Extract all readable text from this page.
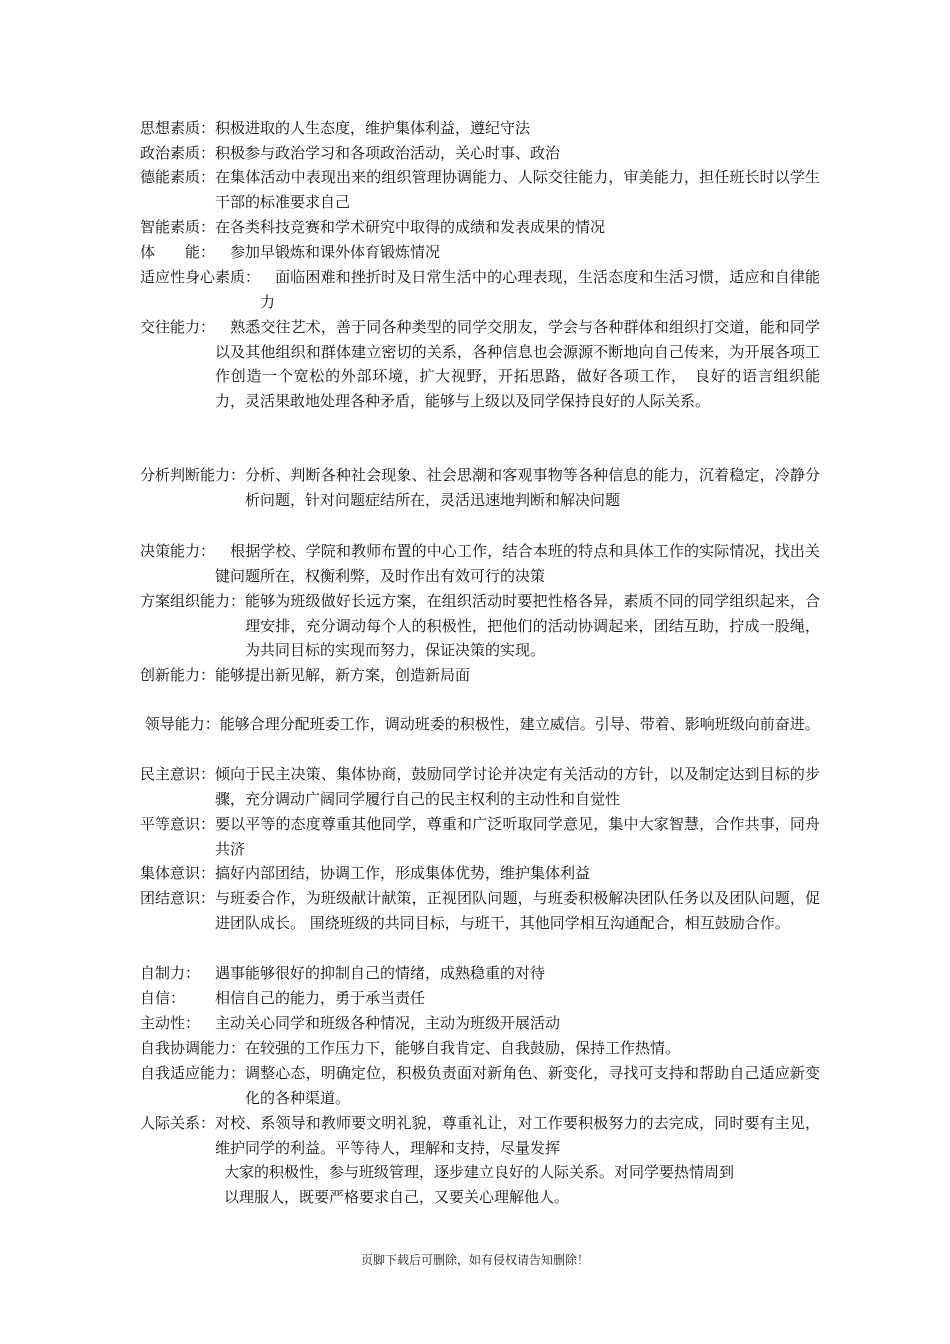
思想素质： 积极进取的人生态度，维护集体利益，遵纪守法
政治素质： 积极参与政治学习和各项政治活动，关心时事、政治
德能素质： 在集体活动中表现出来的组织管理协调能力、人际交往能力，审美能力，担任班长时以学生干部的标准要求自己
智能素质： 在各类科技竞赛和学术研究中取得的成绩和发表成果的情况
体　　能： 　参加早锻炼和课外体育锻炼情况
适应性身心素质： 　面临困难和挫折时及日常生活中的心理表现，生活态度和生活习惯，适应和自律能力
交往能力： 　熟悉交往艺术，善于同各种类型的同学交朋友，学会与各种群体和组织打交道，能和同学以及其他组织和群体建立密切的关系，各种信息也会源源不断地向自己传来，为开展各项工作创造一个宽松的外部环境，扩大视野，开拓思路，做好各项工作，　良好的语言组织能力，灵活果敢地处理各种矛盾，能够与上级以及同学保持良好的人际关系。
分析判断能力： 分析、判断各种社会现象、社会思潮和客观事物等各种信息的能力，沉着稳定，冷静分析问题，针对问题症结所在，灵活迅速地判断和解决问题
决策能力： 　根据学校、学院和教师布置的中心工作，结合本班的特点和具体工作的实际情况，找出关键问题所在，权衡利弊，及时作出有效可行的决策
方案组织能力： 能够为班级做好长远方案，在组织活动时要把性格各异，素质不同的同学组织起来，合理安排，充分调动每个人的积极性，把他们的活动协调起来，团结互助，拧成一股绳，为共同目标的实现而努力，保证决策的实现。
创新能力： 能够提出新见解，新方案，创造新局面
领导能力： 能够合理分配班委工作，调动班委的积极性，建立威信。引导、带着、影响班级向前奋进。
民主意识： 倾向于民主决策、集体协商，鼓励同学讨论并决定有关活动的方针，以及制定达到目标的步骤，充分调动广阔同学履行自己的民主权利的主动性和自觉性
平等意识： 要以平等的态度尊重其他同学，尊重和广泛听取同学意见，集中大家智慧，合作共事，同舟共济
集体意识： 搞好内部团结，协调工作，形成集体优势，维护集体利益
团结意识： 与班委合作，为班级献计献策，正视团队问题，与班委积极解决团队任务以及团队问题，促进团队成长。 围绕班级的共同目标，与班干，其他同学相互沟通配合，相互鼓励合作。
自制力： 　遇事能够很好的抑制自己的情绪，成熟稳重的对待
自信： 　　相信自己的能力，勇于承当责任
主动性： 　主动关心同学和班级各种情况，主动为班级开展活动
自我协调能力： 在较强的工作压力下，能够自我肯定、自我鼓励，保持工作热情。
自我适应能力： 调整心态，明确定位，积极负责面对新角色、新变化，寻找可支持和帮助自己适应新变化的各种渠道。
人际关系： 对校、系领导和教师要文明礼貌，尊重礼让，对工作要积极努力的去完成，同时要有主见，维护同学的利益。平等待人，理解和支持，尽量发挥
大家的积极性，参与班级管理，逐步建立良好的人际关系。对同学要热情周到
以理服人，既要严格要求自己，又要关心理解他人。
页脚下载后可删除，如有侵权请告知删除！
